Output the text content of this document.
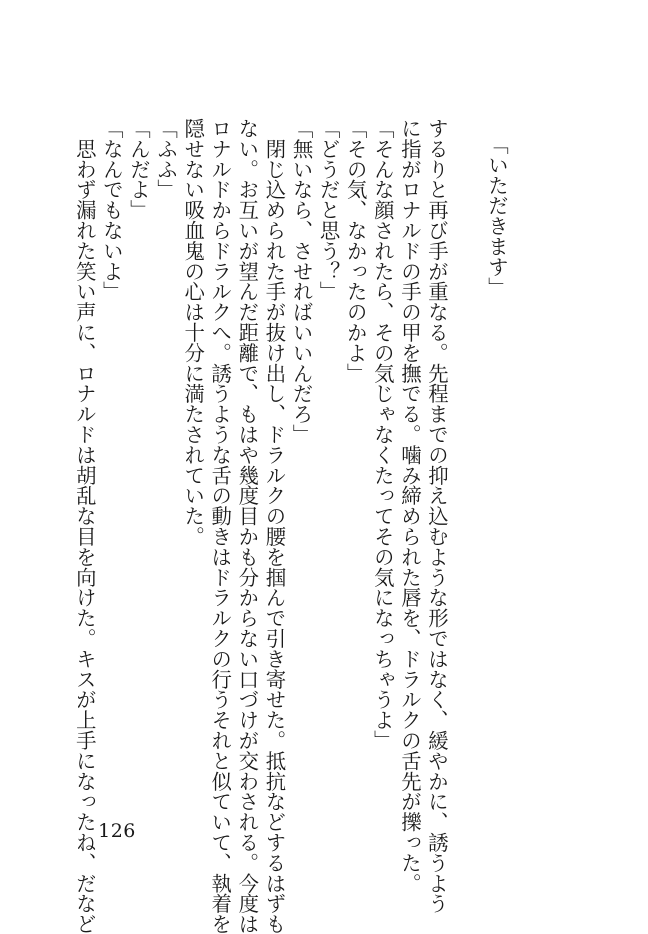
「いただきます」
するりと再び手が重なる。先程までの抑え込むような形ではなく、緩やかに、誘うよう
に指がロナルドの手の甲を撫でる。噛み締められた唇を、ドラルクの舌先が擽った。
「そんな顔されたら、その気じゃなくたってその気になっちゃうよ」
「その気、なかったのかよ」
「どうだと思う？」
「無いなら、させればいいんだろ」
　閉じ込められた手が抜け出し、ドラルクの腰を掴んで引き寄せた。抵抗などするはずも
ない。お互いが望んだ距離で、もはや幾度目かも分からない口づけが交わされる。今度は
ロナルドからドラルクへ。誘うような舌の動きはドラルクの行うそれと似ていて、執着を
隠せない吸血鬼の心は十分に満たされていた。
「ふふ」
「んだよ」
「なんでもないよ」
　思わず漏れた笑い声に、ロナルドは胡乱な目を向けた。キスが上手になったね、だなど 126
